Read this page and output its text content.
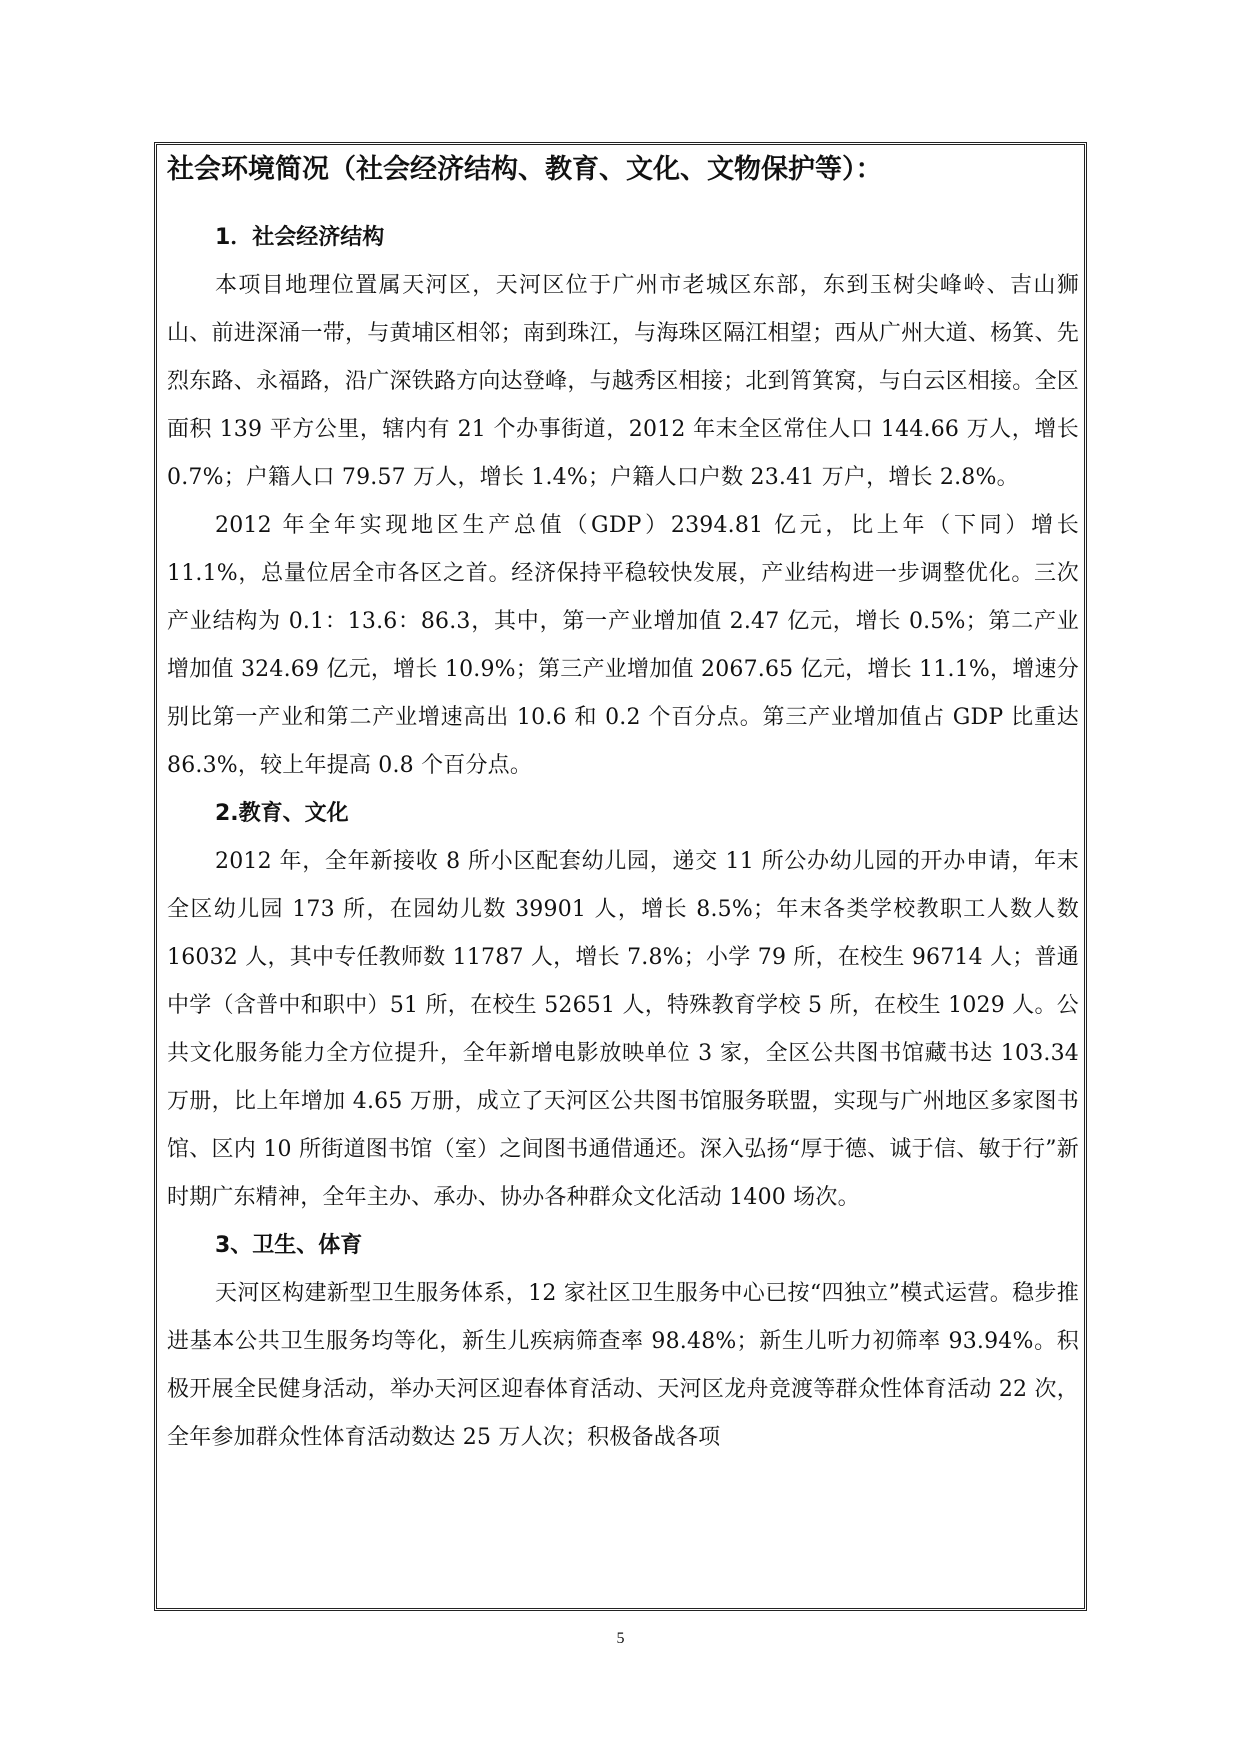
社会环境简况（社会经济结构、教育、文化、文物保护等）：

1．社会经济结构

本项目地理位置属天河区，天河区位于广州市老城区东部，东到玉树尖峰岭、吉山狮山、前进深涌一带，与黄埔区相邻；南到珠江，与海珠区隔江相望；西从广州大道、杨箕、先烈东路、永福路，沿广深铁路方向达登峰，与越秀区相接；北到筲箕窝，与白云区相接。全区面积 139 平方公里，辖内有 21 个办事街道，2012 年末全区常住人口 144.66 万人，增长 0.7%；户籍人口 79.57 万人，增长 1.4%；户籍人口户数 23.41 万户，增长 2.8%。

2012 年全年实现地区生产总值（GDP）2394.81 亿元，比上年（下同）增长 11.1%，总量位居全市各区之首。经济保持平稳较快发展，产业结构进一步调整优化。三次产业结构为 0.1：13.6：86.3，其中，第一产业增加值 2.47 亿元，增长 0.5%；第二产业增加值 324.69 亿元，增长 10.9%；第三产业增加值 2067.65 亿元，增长 11.1%，增速分别比第一产业和第二产业增速高出 10.6 和 0.2 个百分点。第三产业增加值占 GDP 比重达 86.3%，较上年提高 0.8 个百分点。

2.教育、文化

2012 年，全年新接收 8 所小区配套幼儿园，递交 11 所公办幼儿园的开办申请，年末全区幼儿园 173 所，在园幼儿数 39901 人，增长 8.5%；年末各类学校教职工人数人数 16032 人，其中专任教师数 11787 人，增长 7.8%；小学 79 所，在校生 96714 人；普通中学（含普中和职中）51 所，在校生 52651 人，特殊教育学校 5 所，在校生 1029 人。公共文化服务能力全方位提升，全年新增电影放映单位 3 家，全区公共图书馆藏书达 103.34 万册，比上年增加 4.65 万册，成立了天河区公共图书馆服务联盟，实现与广州地区多家图书馆、区内 10 所街道图书馆（室）之间图书通借通还。深入弘扬“厚于德、诚于信、敏于行”新时期广东精神，全年主办、承办、协办各种群众文化活动 1400 场次。

3、卫生、体育

天河区构建新型卫生服务体系，12 家社区卫生服务中心已按“四独立”模式运营。稳步推进基本公共卫生服务均等化，新生儿疾病筛查率 98.48%；新生儿听力初筛率 93.94%。积极开展全民健身活动，举办天河区迎春体育活动、天河区龙舟竞渡等群众性体育活动 22 次，全年参加群众性体育活动数达 25 万人次；积极备战各项

5
